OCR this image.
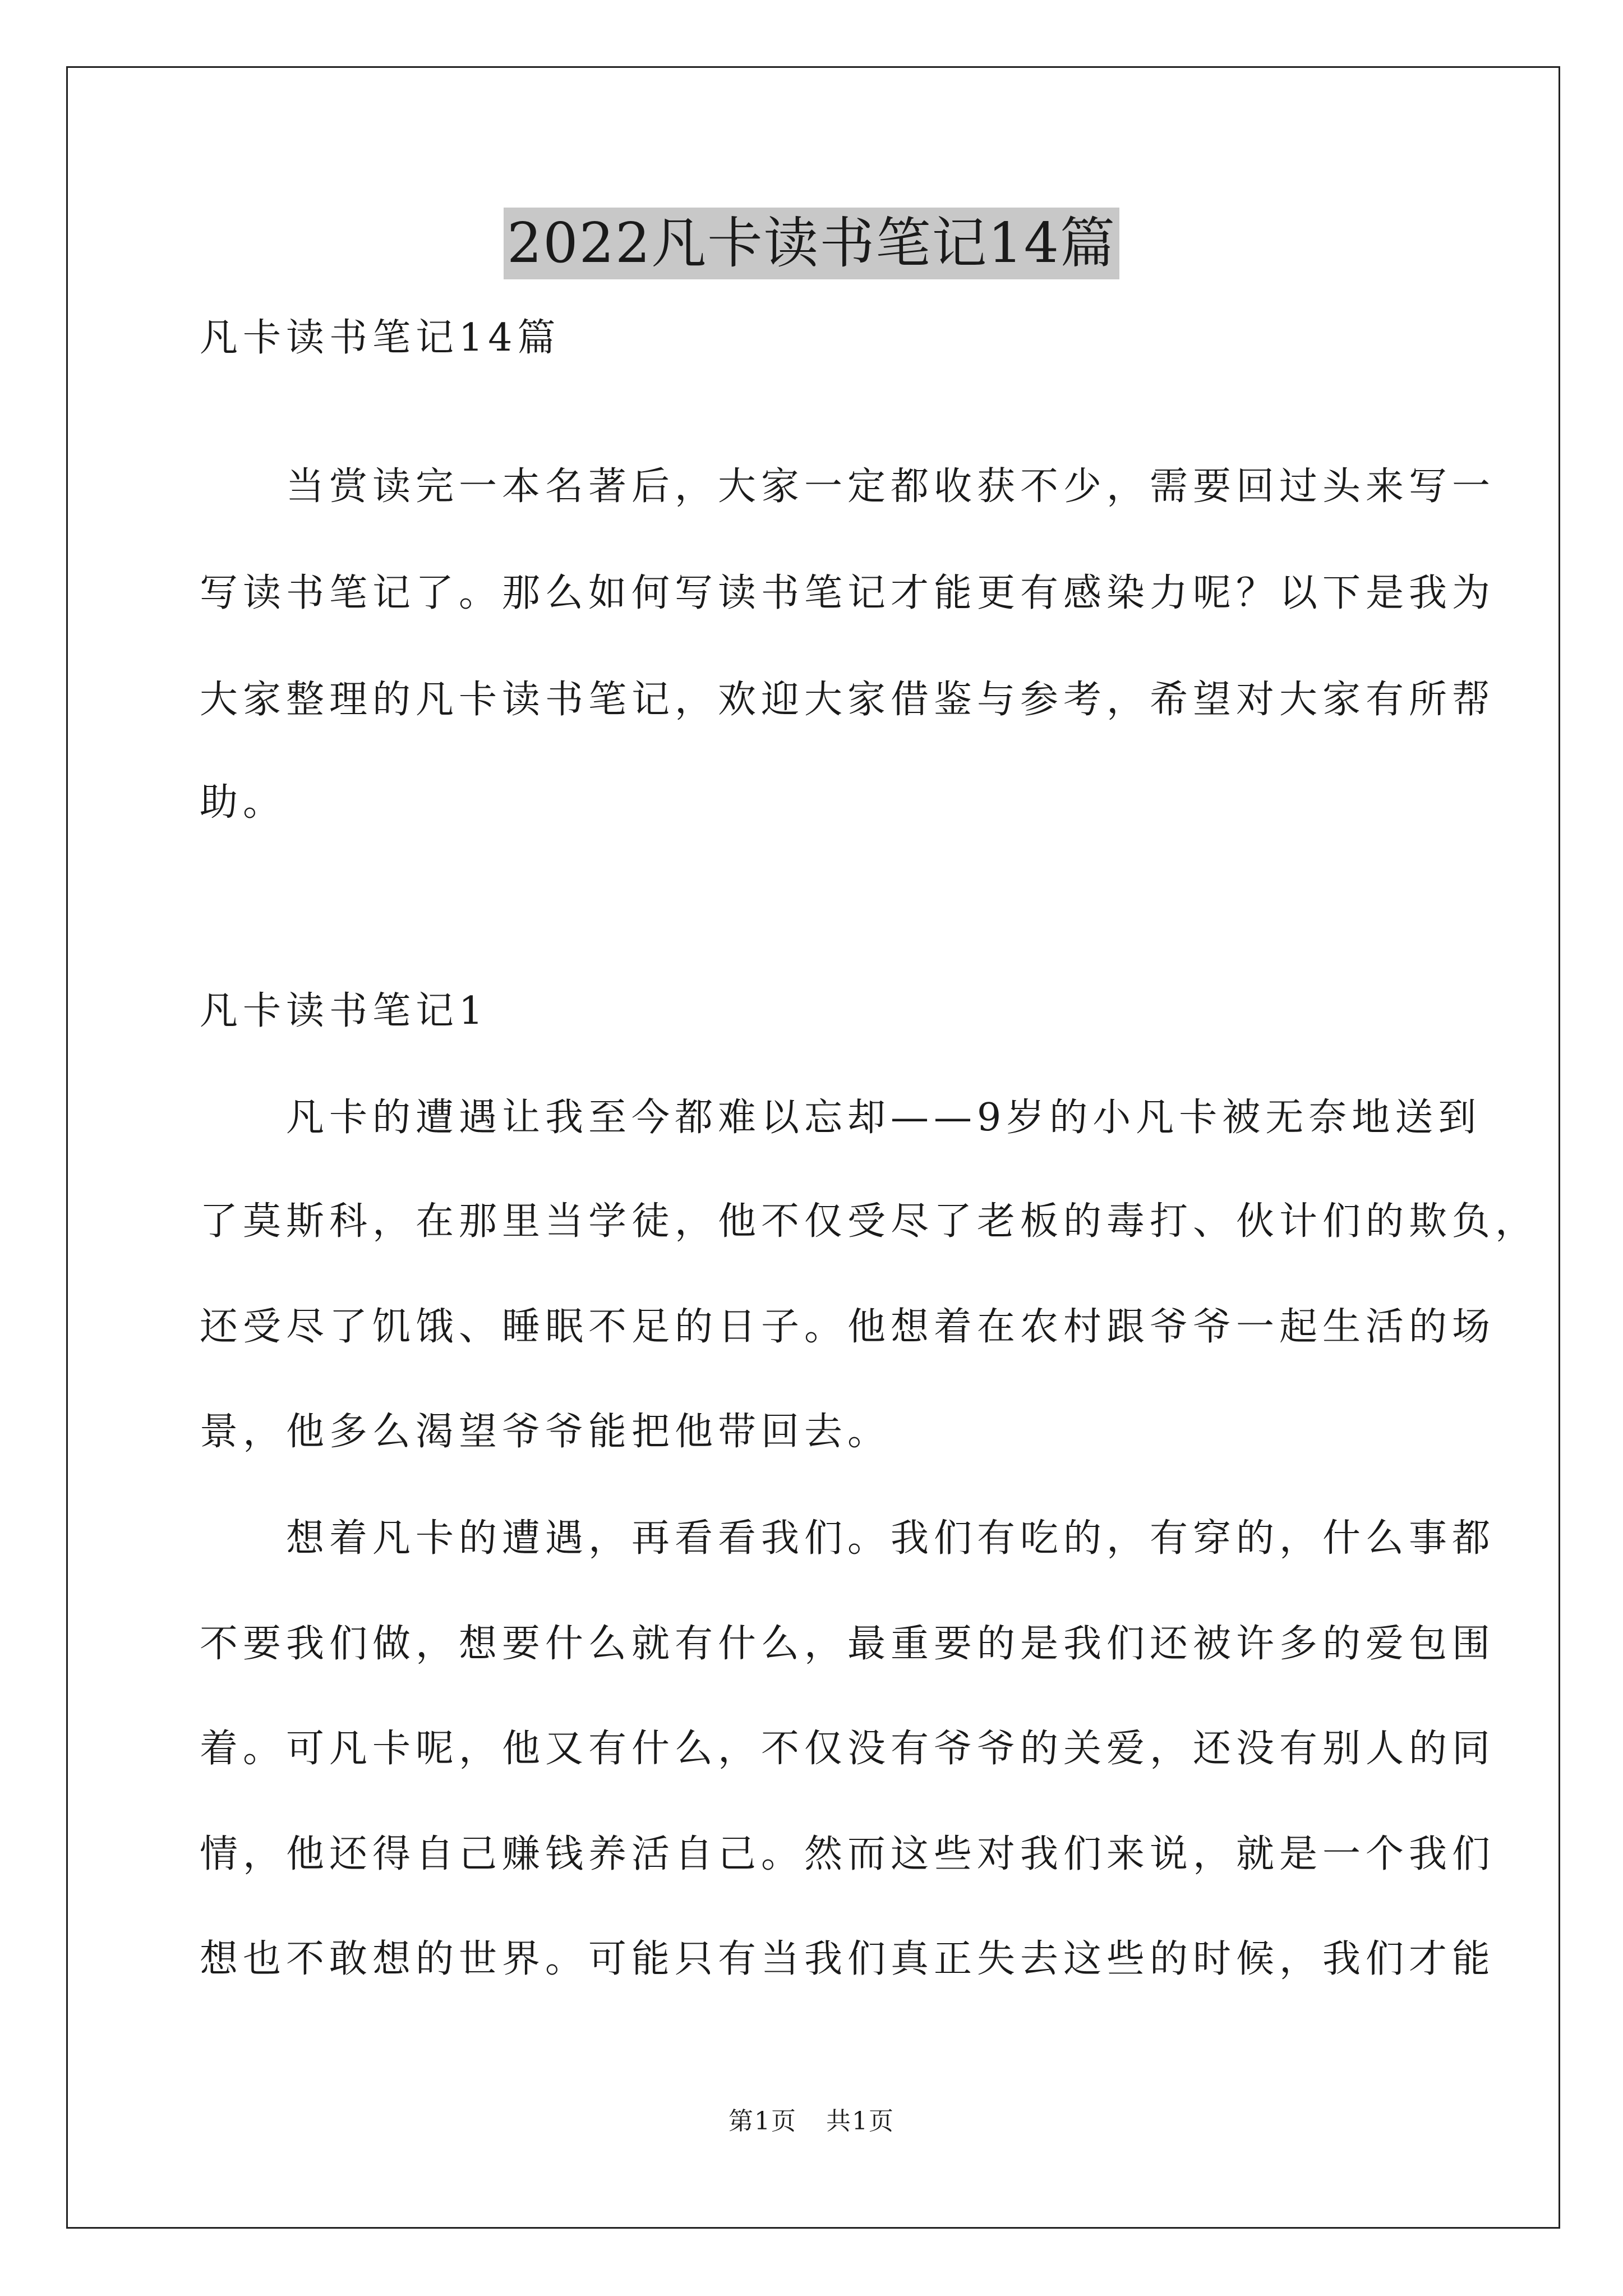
2022凡卡读书笔记14篇
凡卡读书笔记14篇
　　当赏读完一本名著后，大家一定都收获不少，需要回过头来写一
写读书笔记了。那么如何写读书笔记才能更有感染力呢？以下是我为
大家整理的凡卡读书笔记，欢迎大家借鉴与参考，希望对大家有所帮
助。
凡卡读书笔记1
　　凡卡的遭遇让我至今都难以忘却——9岁的小凡卡被无奈地送到
了莫斯科，在那里当学徒，他不仅受尽了老板的毒打、伙计们的欺负，
还受尽了饥饿、睡眠不足的日子。他想着在农村跟爷爷一起生活的场
景，他多么渴望爷爷能把他带回去。
　　想着凡卡的遭遇，再看看我们。我们有吃的，有穿的，什么事都
不要我们做，想要什么就有什么，最重要的是我们还被许多的爱包围
着。可凡卡呢，他又有什么，不仅没有爷爷的关爱，还没有别人的同
情，他还得自己赚钱养活自己。然而这些对我们来说，就是一个我们
想也不敢想的世界。可能只有当我们真正失去这些的时候，我们才能
第1页 共1页
